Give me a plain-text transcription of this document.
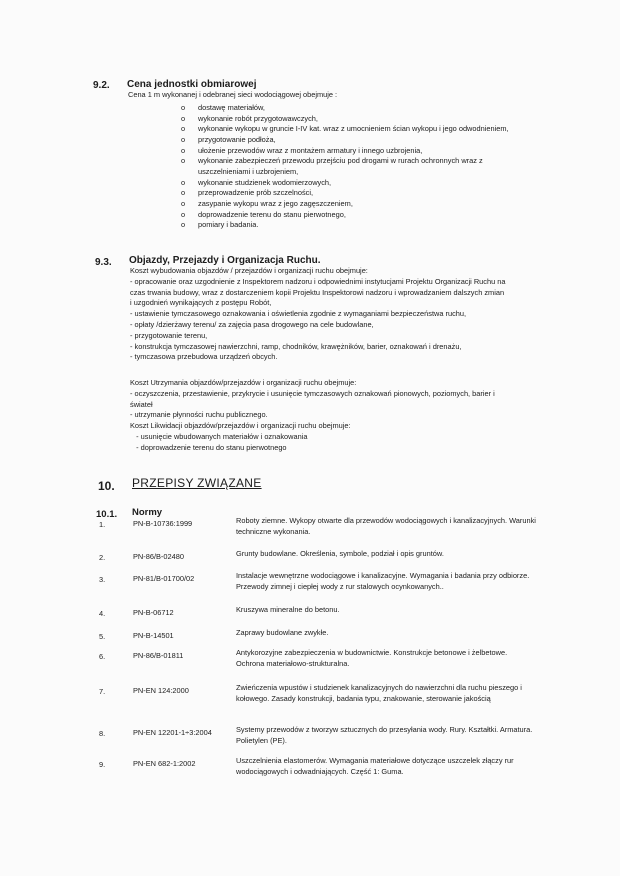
9.2. Cena jednostki obmiarowej
Cena 1 m wykonanej i odebranej sieci wodociągowej obejmuje :
o dostawę materiałów,
o wykonanie robót przygotowawczych,
o wykonanie wykopu w gruncie I-IV kat. wraz z umocnieniem ścian wykopu i jego odwodnieniem,
o przygotowanie podłoża,
o ułożenie przewodów wraz z montażem armatury i innego uzbrojenia,
o wykonanie zabezpieczeń przewodu przejściu pod drogami w rurach ochronnych wraz z uszczelnieniami i uzbrojeniem,
o wykonanie studzienek wodomierzowych,
o przeprowadzenie prób szczelności,
o zasypanie wykopu wraz z jego zagęszczeniem,
o doprowadzenie terenu do stanu pierwotnego,
o pomiary i badania.
9.3. Objazdy, Przejazdy i Organizacja Ruchu.
Koszt wybudowania objazdów / przejazdów i organizacji ruchu obejmuje:
- opracowanie oraz uzgodnienie z Inspektorem nadzoru i odpowiednimi instytucjami Projektu Organizacji Ruchu na
czas trwania budowy, wraz z dostarczeniem kopii Projektu Inspektorowi nadzoru i wprowadzaniem dalszych zmian
i uzgodnień wynikających z postępu Robót,
- ustawienie tymczasowego oznakowania i oświetlenia zgodnie z wymaganiami bezpieczeństwa ruchu,
- opłaty /dzierżawy terenu/ za zajęcia pasa drogowego na cele budowlane,
- przygotowanie terenu,
- konstrukcja tymczasowej nawierzchni, ramp, chodników, krawężników, barier, oznakowań i drenażu,
- tymczasowa przebudowa urządzeń obcych.
Koszt Utrzymania objazdów/przejazdów i organizacji ruchu obejmuje:
- oczyszczenia, przestawienie, przykrycie i usunięcie tymczasowych oznakowań pionowych, poziomych, barier i
świateł
- utrzymanie płynności ruchu publicznego.
Koszt Likwidacji objazdów/przejazdów i organizacji ruchu obejmuje:
- usunięcie wbudowanych materiałów i oznakowania
- doprowadzenie terenu do stanu pierwotnego
10. PRZEPISY ZWIĄZANE
10.1. Normy
1.	PN-B-10736:1999	Roboty ziemne. Wykopy otwarte dla przewodów wodociągowych i kanalizacyjnych. Warunki techniczne wykonania.
2.	PN-86/B-02480	Grunty budowlane. Określenia, symbole, podział i opis gruntów.
3.	PN-81/B-01700/02	Instalacje wewnętrzne wodociągowe i kanalizacyjne. Wymagania i badania przy odbiorze. Przewody zimnej i ciepłej wody z rur stalowych ocynkowanych..
4.	PN-B-06712	Kruszywa mineralne do betonu.
5.	PN-B-14501	Zaprawy budowlane zwykłe.
6.	PN-86/B-01811	Antykorozyjne zabezpieczenia w budownictwie. Konstrukcje betonowe i żelbetowe. Ochrona materiałowo-strukturalna.
7.	PN-EN 124:2000	Zwieńczenia wpustów i studzienek kanalizacyjnych do nawierzchni dla ruchu pieszego i kołowego. Zasady konstrukcji, badania typu, znakowanie, sterowanie jakością
8.	PN-EN 12201-1÷3:2004	Systemy przewodów z tworzyw sztucznych do przesyłania wody. Rury. Kształtki. Armatura. Polietylen (PE).
9.	PN-EN 682-1:2002	Uszczelnienia elastomerów. Wymagania materiałowe dotyczące uszczelek złączy rur wodociągowych i odwadniających. Część 1: Guma.
